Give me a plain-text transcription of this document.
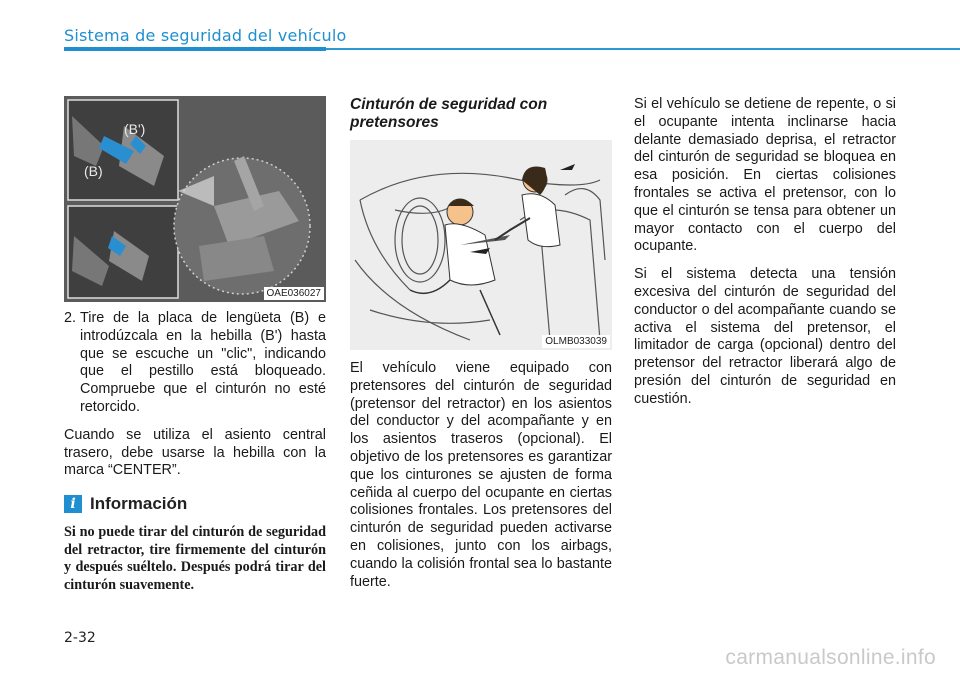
Sistema de seguridad del vehículo
(B)
(B')
OAE036027
2. Tire de la placa de lengüeta (B) e introdúzcala en la hebilla (B') hasta que se escuche un "clic", indicando que el pestillo está bloqueado. Compruebe que el cinturón no esté retorcido.

Cuando se utiliza el asiento central trasero, debe usarse la hebilla con la marca “CENTER”.

i Información

Si no puede tirar del cinturón de seguridad del retractor, tire firmemente del cinturón y después suéltelo. Después podrá tirar del cinturón suavemente.

Cinturón de seguridad con pretensores
OLMB033039

El vehículo viene equipado con pretensores del cinturón de seguridad (pretensor del retractor) en los asientos del conductor y del acompañante y en los asientos traseros (opcional). El objetivo de los pretensores es garantizar que los cinturones se ajusten de forma ceñida al cuerpo del ocupante en ciertas colisiones frontales. Los pretensores del cinturón de seguridad pueden activarse en colisiones, junto con los airbags, cuando la colisión frontal sea lo bastante fuerte.

Si el vehículo se detiene de repente, o si el ocupante intenta inclinarse hacia delante demasiado deprisa, el retractor del cinturón de seguridad se bloquea en esa posición. En ciertas colisiones frontales se activa el pretensor, con lo que el cinturón se tensa para obtener un mayor contacto con el cuerpo del ocupante.

Si el sistema detecta una tensión excesiva del cinturón de seguridad del conductor o del acompañante cuando se activa el sistema del pretensor, el limitador de carga (opcional) dentro del pretensor del retractor liberará algo de presión del cinturón de seguridad en cuestión.

2-32
carmanualsonline.info
